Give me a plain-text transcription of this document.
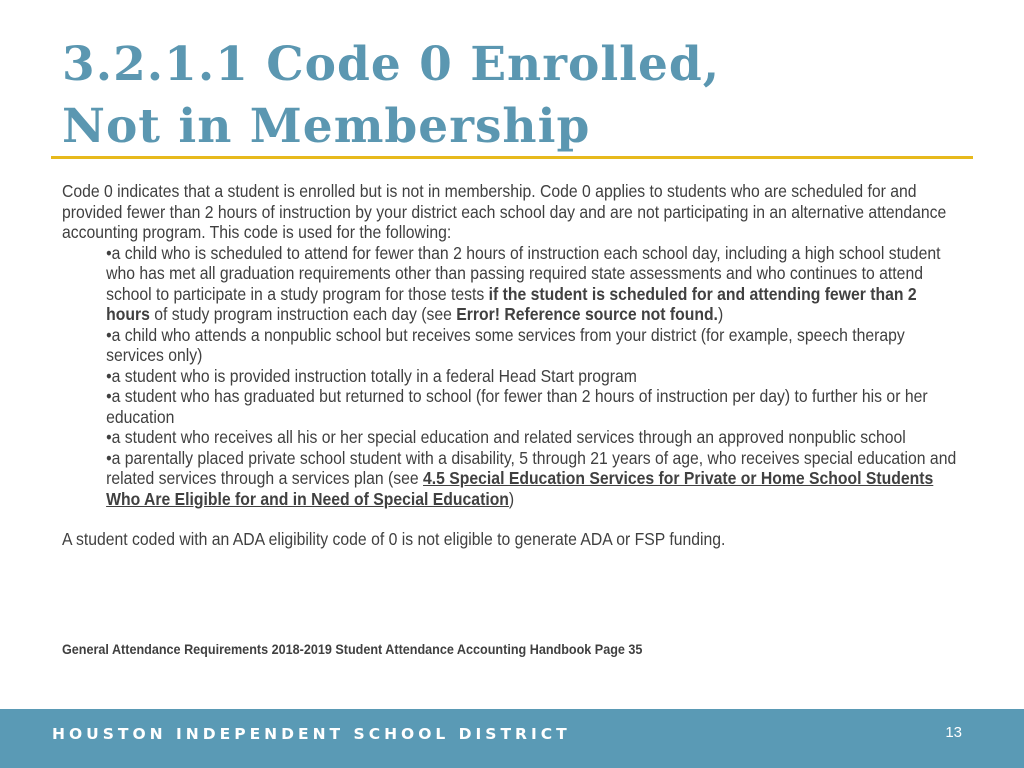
3.2.1.1 Code 0 Enrolled,
Not in Membership

Code 0 indicates that a student is enrolled but is not in membership. Code 0 applies to students who are scheduled for and provided fewer than 2 hours of instruction by your district each school day and are not participating in an alternative attendance accounting program. This code is used for the following:

•a child who is scheduled to attend for fewer than 2 hours of instruction each school day, including a high school student who has met all graduation requirements other than passing required state assessments and who continues to attend school to participate in a study program for those tests if the student is scheduled for and attending fewer than 2 hours of study program instruction each day (see Error! Reference source not found.)

•a child who attends a nonpublic school but receives some services from your district (for example, speech therapy services only)

•a student who is provided instruction totally in a federal Head Start program

•a student who has graduated but returned to school (for fewer than 2 hours of instruction per day) to further his or her education

•a student who receives all his or her special education and related services through an approved nonpublic school

•a parentally placed private school student with a disability, 5 through 21 years of age, who receives special education and related services through a services plan (see 4.5 Special Education Services for Private or Home School Students Who Are Eligible for and in Need of Special Education)

A student coded with an ADA eligibility code of 0 is not eligible to generate ADA or FSP funding.

General Attendance Requirements 2018-2019 Student Attendance Accounting Handbook Page 35
HOUSTON INDEPENDENT SCHOOL DISTRICT	13
